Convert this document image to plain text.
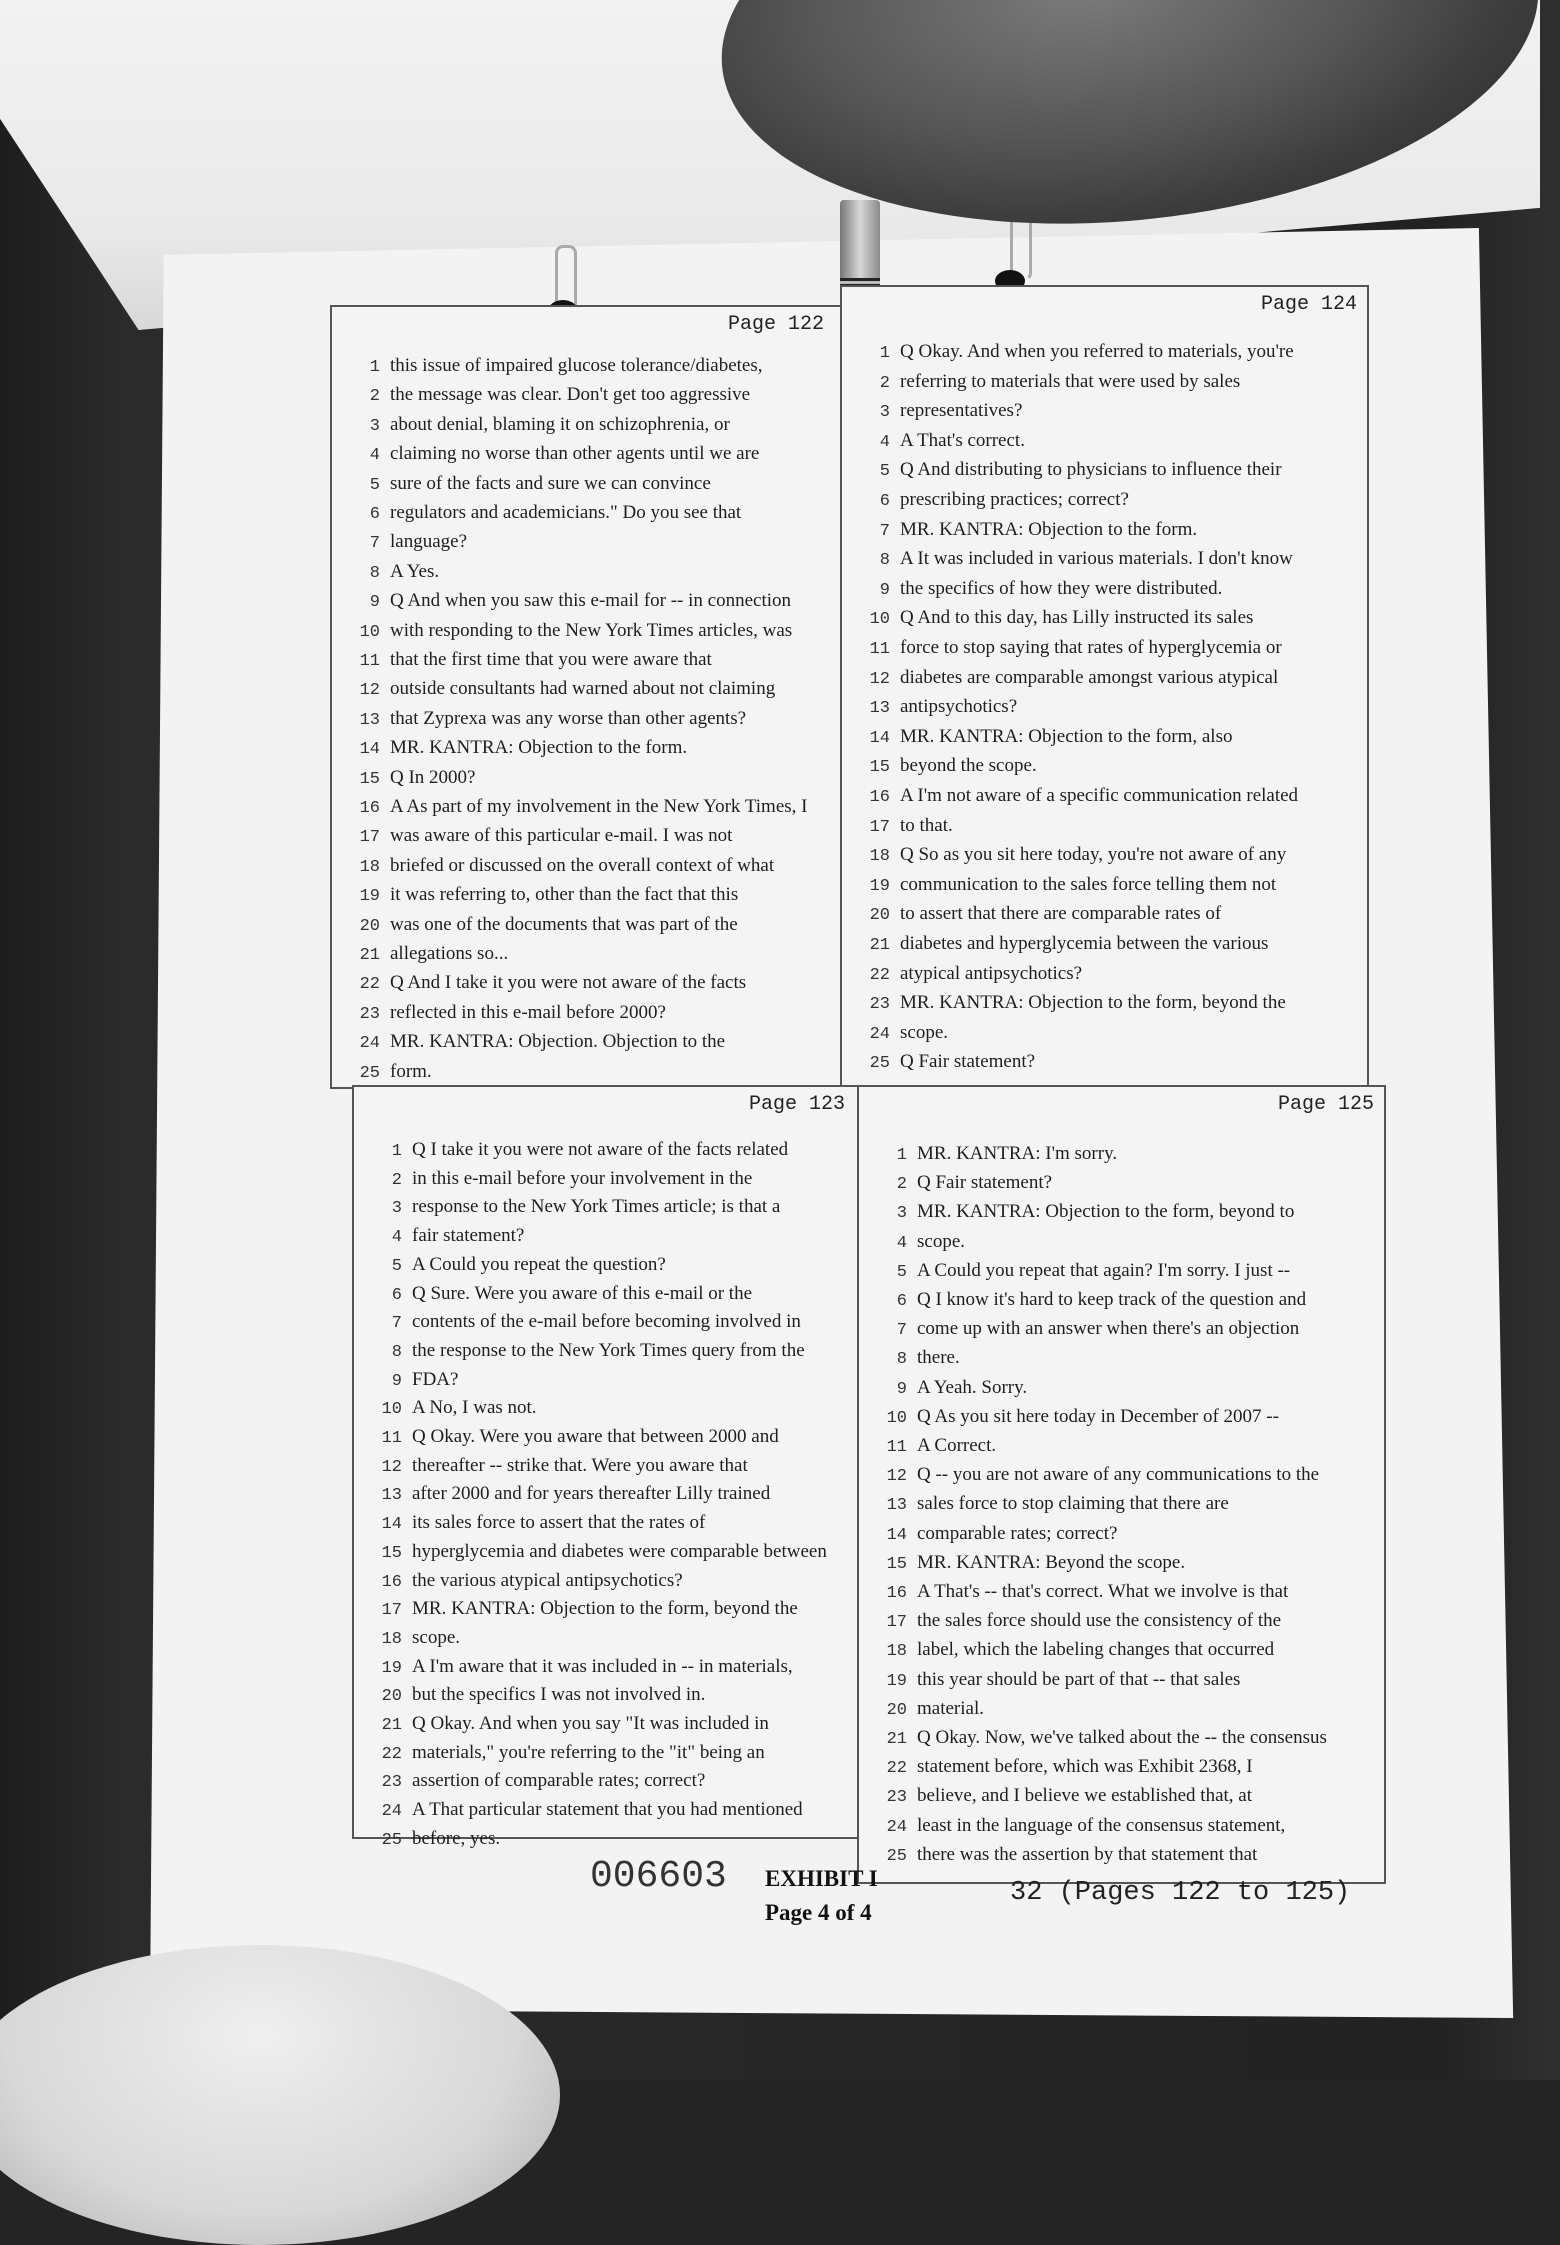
Page 122
1 this issue of impaired glucose tolerance/diabetes,
2 the message was clear. Don't get too aggressive
3 about denial, blaming it on schizophrenia, or
4 claiming no worse than other agents until we are
5 sure of the facts and sure we can convince
6 regulators and academicians." Do you see that
7 language?
8 A Yes.
9 Q And when you saw this e-mail for -- in connection
10 with responding to the New York Times articles, was
11 that the first time that you were aware that
12 outside consultants had warned about not claiming
13 that Zyprexa was any worse than other agents?
14MR. KANTRA: Objection to the form.
15 Q In 2000?
16 A As part of my involvement in the New York Times, I
17 was aware of this particular e-mail. I was not
18 briefed or discussed on the overall context of what
19 it was referring to, other than the fact that this
20 was one of the documents that was part of the
21 allegations so...
22 Q And I take it you were not aware of the facts
23 reflected in this e-mail before 2000?
24MR. KANTRA: Objection. Objection to the
25 form.
Page 124
1 Q Okay. And when you referred to materials, you're
2 referring to materials that were used by sales
3 representatives?
4 A That's correct.
5 Q And distributing to physicians to influence their
6 prescribing practices; correct?
7MR. KANTRA: Objection to the form.
8 A It was included in various materials. I don't know
9 the specifics of how they were distributed.
10 Q And to this day, has Lilly instructed its sales
11 force to stop saying that rates of hyperglycemia or
12 diabetes are comparable amongst various atypical
13 antipsychotics?
14MR. KANTRA: Objection to the form, also
15 beyond the scope.
16 A I'm not aware of a specific communication related
17 to that.
18 Q So as you sit here today, you're not aware of any
19 communication to the sales force telling them not
20 to assert that there are comparable rates of
21 diabetes and hyperglycemia between the various
22 atypical antipsychotics?
23MR. KANTRA: Objection to the form, beyond the
24 scope.
25 Q Fair statement?
Page 123
1 Q I take it you were not aware of the facts related
2 in this e-mail before your involvement in the
3 response to the New York Times article; is that a
4 fair statement?
5 A Could you repeat the question?
6 Q Sure. Were you aware of this e-mail or the
7 contents of the e-mail before becoming involved in
8 the response to the New York Times query from the
9 FDA?
10 A No, I was not.
11 Q Okay. Were you aware that between 2000 and
12 thereafter -- strike that. Were you aware that
13 after 2000 and for years thereafter Lilly trained
14 its sales force to assert that the rates of
15 hyperglycemia and diabetes were comparable between
16 the various atypical antipsychotics?
17MR. KANTRA: Objection to the form, beyond the
18 scope.
19 A I'm aware that it was included in -- in materials,
20 but the specifics I was not involved in.
21 Q Okay. And when you say "It was included in
22 materials," you're referring to the "it" being an
23 assertion of comparable rates; correct?
24 A That particular statement that you had mentioned
25 before, yes.
Page 125
1MR. KANTRA: I'm sorry.
2 Q Fair statement?
3MR. KANTRA: Objection to the form, beyond to
4 scope.
5 A Could you repeat that again? I'm sorry. I just --
6 Q I know it's hard to keep track of the question and
7 come up with an answer when there's an objection
8 there.
9 A Yeah. Sorry.
10 Q As you sit here today in December of 2007 --
11 A Correct.
12 Q -- you are not aware of any communications to the
13 sales force to stop claiming that there are
14 comparable rates; correct?
15MR. KANTRA: Beyond the scope.
16 A That's -- that's correct. What we involve is that
17 the sales force should use the consistency of the
18 label, which the labeling changes that occurred
19 this year should be part of that -- that sales
20 material.
21 Q Okay. Now, we've talked about the -- the consensus
22 statement before, which was Exhibit 2368, I
23 believe, and I believe we established that, at
24 least in the language of the consensus statement,
25 there was the assertion by that statement that
006603 EXHIBIT I
Page 4 of 4
32 (Pages 122 to 125)
